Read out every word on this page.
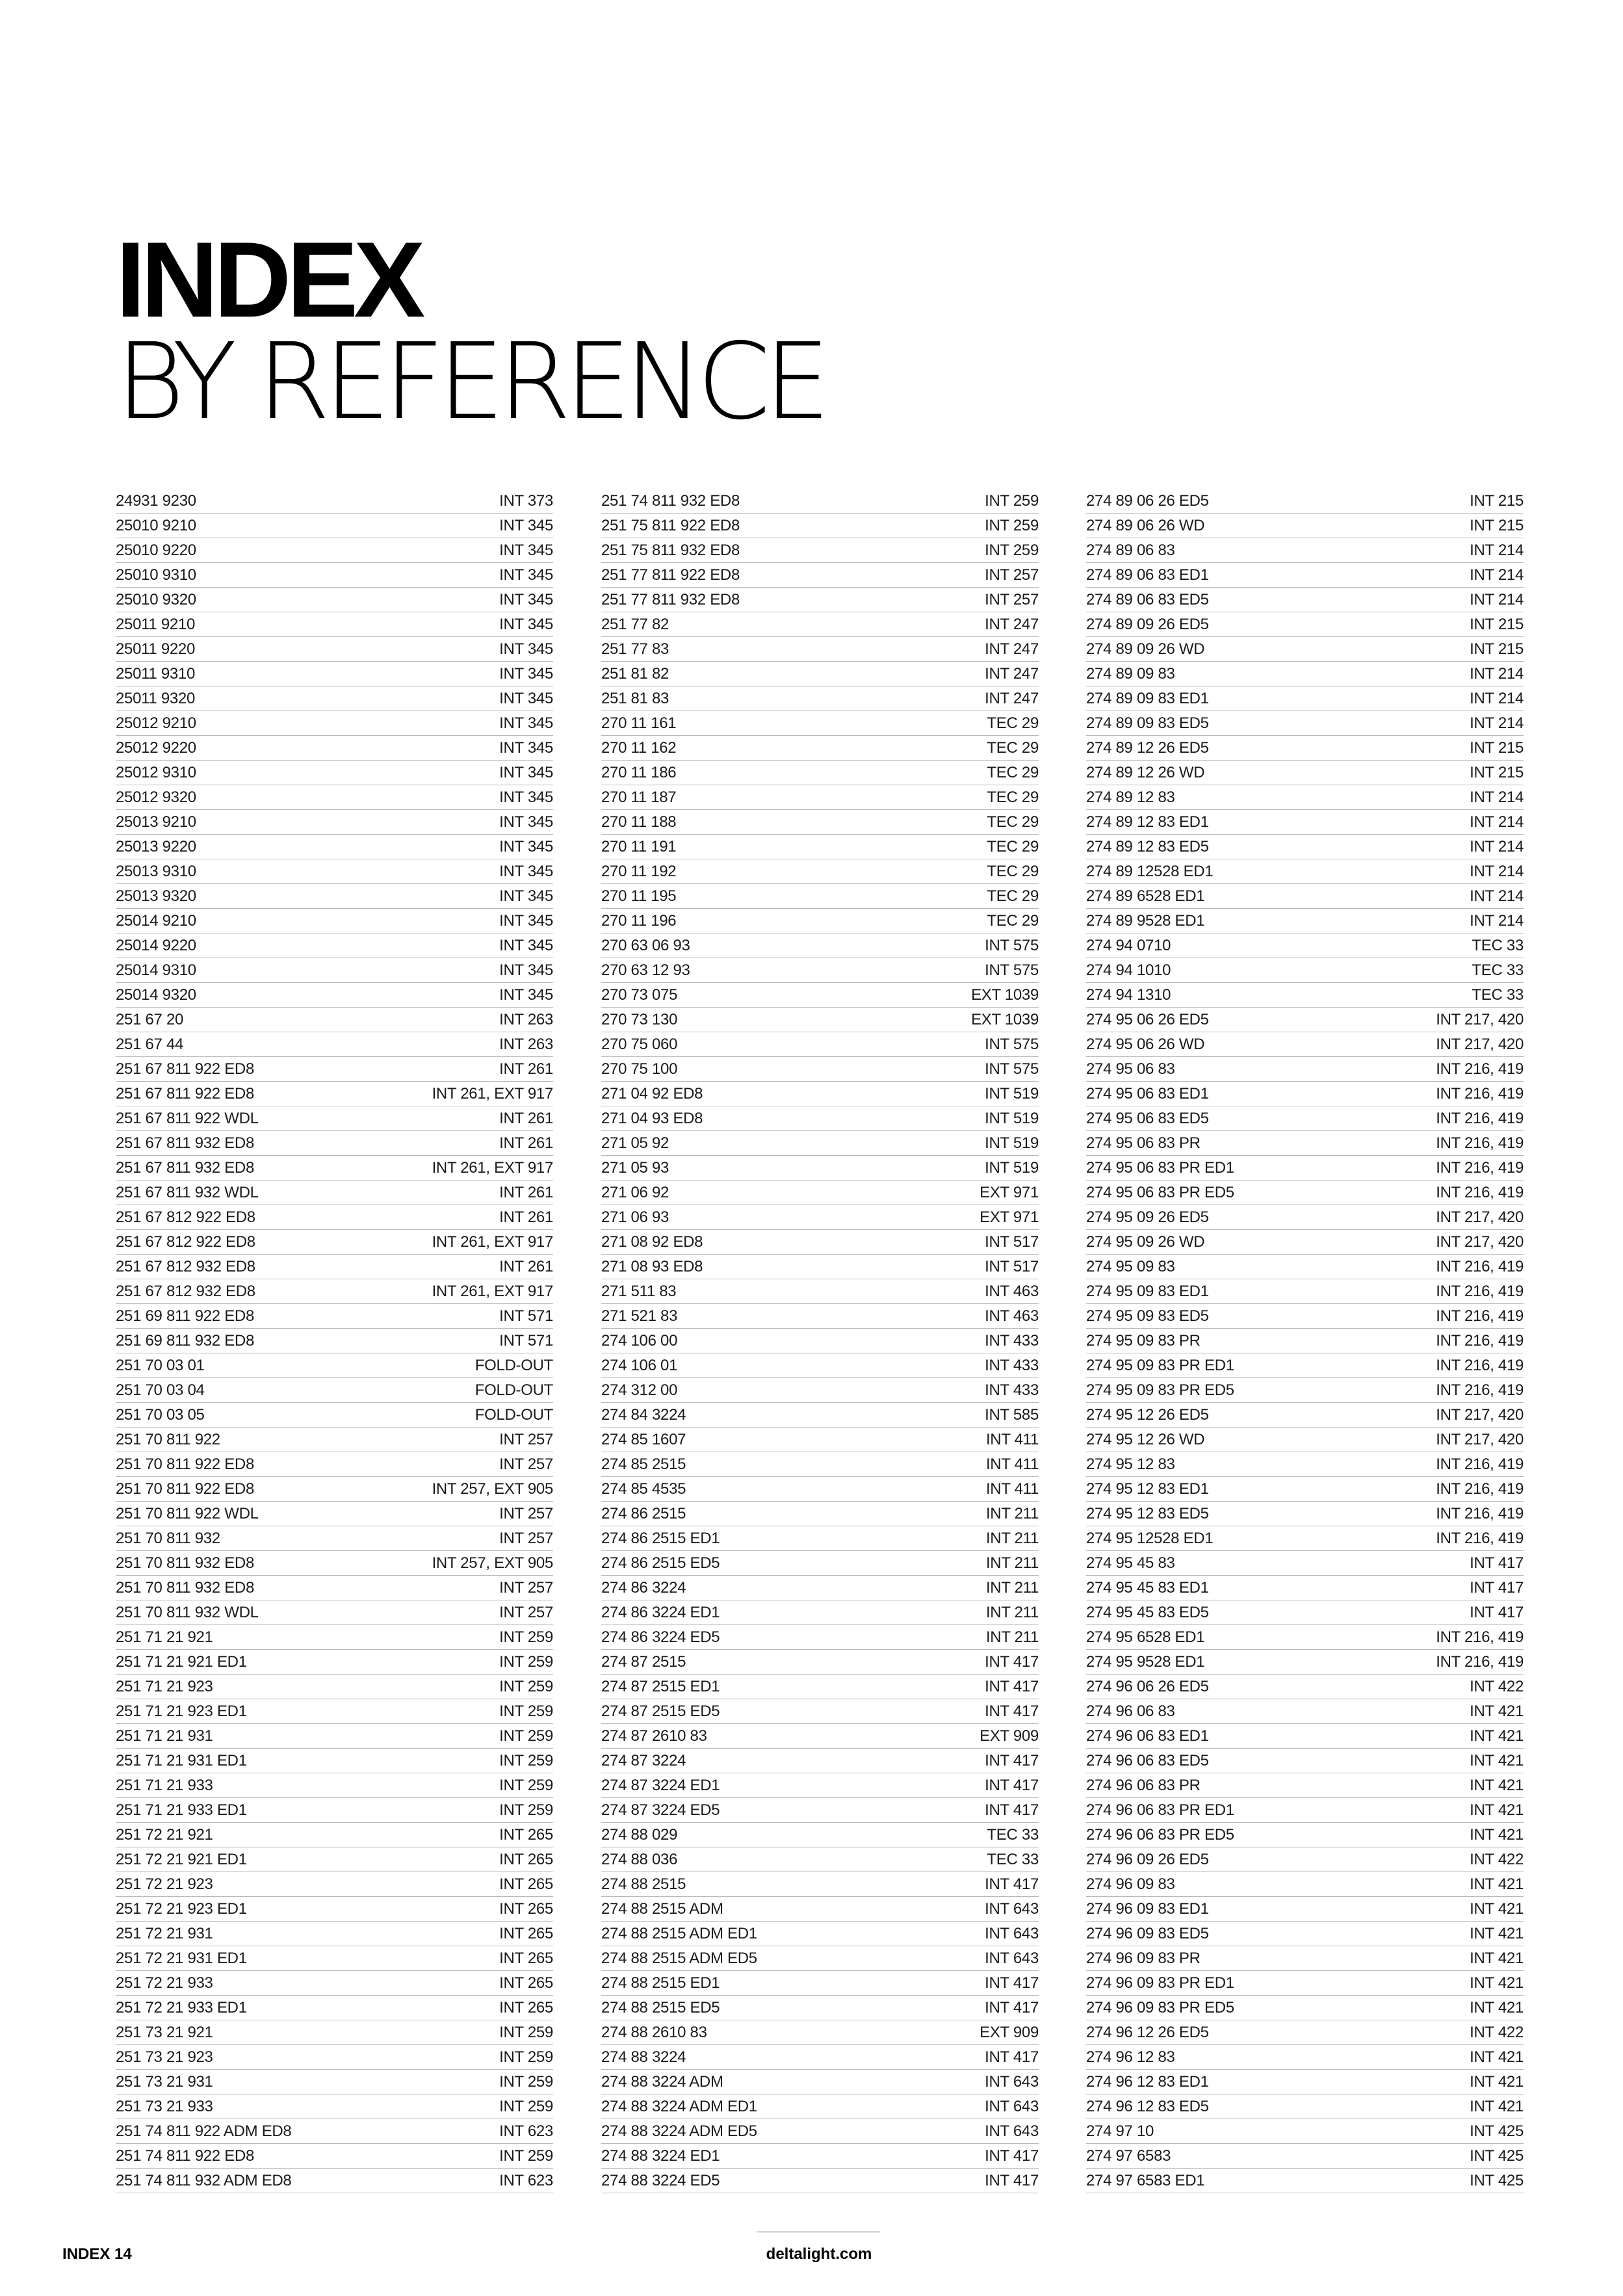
INDEX
BY REFERENCE
24931 9230	INT 373
25010 9210	INT 345
25010 9220	INT 345
25010 9310	INT 345
25010 9320	INT 345
25011 9210	INT 345
25011 9220	INT 345
25011 9310	INT 345
25011 9320	INT 345
25012 9210	INT 345
25012 9220	INT 345
25012 9310	INT 345
25012 9320	INT 345
25013 9210	INT 345
25013 9220	INT 345
25013 9310	INT 345
25013 9320	INT 345
25014 9210	INT 345
25014 9220	INT 345
25014 9310	INT 345
25014 9320	INT 345
251 67 20	INT 263
251 67 44	INT 263
251 67 811 922 ED8	INT 261
251 67 811 922 ED8	INT 261, EXT 917
251 67 811 922 WDL	INT 261
251 67 811 932 ED8	INT 261
251 67 811 932 ED8	INT 261, EXT 917
251 67 811 932 WDL	INT 261
251 67 812 922 ED8	INT 261
251 67 812 922 ED8	INT 261, EXT 917
251 67 812 932 ED8	INT 261
251 67 812 932 ED8	INT 261, EXT 917
251 69 811 922 ED8	INT 571
251 69 811 932 ED8	INT 571
251 70 03 01	FOLD-OUT
251 70 03 04	FOLD-OUT
251 70 03 05	FOLD-OUT
251 70 811 922	INT 257
251 70 811 922 ED8	INT 257
251 70 811 922 ED8	INT 257, EXT 905
251 70 811 922 WDL	INT 257
251 70 811 932	INT 257
251 70 811 932 ED8	INT 257, EXT 905
251 70 811 932 ED8	INT 257
251 70 811 932 WDL	INT 257
251 71 21 921	INT 259
251 71 21 921 ED1	INT 259
251 71 21 923	INT 259
251 71 21 923 ED1	INT 259
251 71 21 931	INT 259
251 71 21 931 ED1	INT 259
251 71 21 933	INT 259
251 71 21 933 ED1	INT 259
251 72 21 921	INT 265
251 72 21 921 ED1	INT 265
251 72 21 923	INT 265
251 72 21 923 ED1	INT 265
251 72 21 931	INT 265
251 72 21 931 ED1	INT 265
251 72 21 933	INT 265
251 72 21 933 ED1	INT 265
251 73 21 921	INT 259
251 73 21 923	INT 259
251 73 21 931	INT 259
251 73 21 933	INT 259
251 74 811 922 ADM ED8	INT 623
251 74 811 922 ED8	INT 259
251 74 811 932 ADM ED8	INT 623
251 74 811 932 ED8	INT 259
251 75 811 922 ED8	INT 259
251 75 811 932 ED8	INT 259
251 77 811 922 ED8	INT 257
251 77 811 932 ED8	INT 257
251 77 82	INT 247
251 77 83	INT 247
251 81 82	INT 247
251 81 83	INT 247
270 11 161	TEC 29
270 11 162	TEC 29
270 11 186	TEC 29
270 11 187	TEC 29
270 11 188	TEC 29
270 11 191	TEC 29
270 11 192	TEC 29
270 11 195	TEC 29
270 11 196	TEC 29
270 63 06 93	INT 575
270 63 12 93	INT 575
270 73 075	EXT 1039
270 73 130	EXT 1039
270 75 060	INT 575
270 75 100	INT 575
271 04 92 ED8	INT 519
271 04 93 ED8	INT 519
271 05 92	INT 519
271 05 93	INT 519
271 06 92	EXT 971
271 06 93	EXT 971
271 08 92 ED8	INT 517
271 08 93 ED8	INT 517
271 511 83	INT 463
271 521 83	INT 463
274 106 00	INT 433
274 106 01	INT 433
274 312 00	INT 433
274 84 3224	INT 585
274 85 1607	INT 411
274 85 2515	INT 411
274 85 4535	INT 411
274 86 2515	INT 211
274 86 2515 ED1	INT 211
274 86 2515 ED5	INT 211
274 86 3224	INT 211
274 86 3224 ED1	INT 211
274 86 3224 ED5	INT 211
274 87 2515	INT 417
274 87 2515 ED1	INT 417
274 87 2515 ED5	INT 417
274 87 2610 83	EXT 909
274 87 3224	INT 417
274 87 3224 ED1	INT 417
274 87 3224 ED5	INT 417
274 88 029	TEC 33
274 88 036	TEC 33
274 88 2515	INT 417
274 88 2515 ADM	INT 643
274 88 2515 ADM ED1	INT 643
274 88 2515 ADM ED5	INT 643
274 88 2515 ED1	INT 417
274 88 2515 ED5	INT 417
274 88 2610 83	EXT 909
274 88 3224	INT 417
274 88 3224 ADM	INT 643
274 88 3224 ADM ED1	INT 643
274 88 3224 ADM ED5	INT 643
274 88 3224 ED1	INT 417
274 88 3224 ED5	INT 417
274 89 06 26 ED5	INT 215
274 89 06 26 WD	INT 215
274 89 06 83	INT 214
274 89 06 83 ED1	INT 214
274 89 06 83 ED5	INT 214
274 89 09 26 ED5	INT 215
274 89 09 26 WD	INT 215
274 89 09 83	INT 214
274 89 09 83 ED1	INT 214
274 89 09 83 ED5	INT 214
274 89 12 26 ED5	INT 215
274 89 12 26 WD	INT 215
274 89 12 83	INT 214
274 89 12 83 ED1	INT 214
274 89 12 83 ED5	INT 214
274 89 12528 ED1	INT 214
274 89 6528 ED1	INT 214
274 89 9528 ED1	INT 214
274 94 0710	TEC 33
274 94 1010	TEC 33
274 94 1310	TEC 33
274 95 06 26 ED5	INT 217, 420
274 95 06 26 WD	INT 217, 420
274 95 06 83	INT 216, 419
274 95 06 83 ED1	INT 216, 419
274 95 06 83 ED5	INT 216, 419
274 95 06 83 PR	INT 216, 419
274 95 06 83 PR ED1	INT 216, 419
274 95 06 83 PR ED5	INT 216, 419
274 95 09 26 ED5	INT 217, 420
274 95 09 26 WD	INT 217, 420
274 95 09 83	INT 216, 419
274 95 09 83 ED1	INT 216, 419
274 95 09 83 ED5	INT 216, 419
274 95 09 83 PR	INT 216, 419
274 95 09 83 PR ED1	INT 216, 419
274 95 09 83 PR ED5	INT 216, 419
274 95 12 26 ED5	INT 217, 420
274 95 12 26 WD	INT 217, 420
274 95 12 83	INT 216, 419
274 95 12 83 ED1	INT 216, 419
274 95 12 83 ED5	INT 216, 419
274 95 12528 ED1	INT 216, 419
274 95 45 83	INT 417
274 95 45 83 ED1	INT 417
274 95 45 83 ED5	INT 417
274 95 6528 ED1	INT 216, 419
274 95 9528 ED1	INT 216, 419
274 96 06 26 ED5	INT 422
274 96 06 83	INT 421
274 96 06 83 ED1	INT 421
274 96 06 83 ED5	INT 421
274 96 06 83 PR	INT 421
274 96 06 83 PR ED1	INT 421
274 96 06 83 PR ED5	INT 421
274 96 09 26 ED5	INT 422
274 96 09 83	INT 421
274 96 09 83 ED1	INT 421
274 96 09 83 ED5	INT 421
274 96 09 83 PR	INT 421
274 96 09 83 PR ED1	INT 421
274 96 09 83 PR ED5	INT 421
274 96 12 26 ED5	INT 422
274 96 12 83	INT 421
274 96 12 83 ED1	INT 421
274 96 12 83 ED5	INT 421
274 97 10	INT 425
274 97 6583	INT 425
274 97 6583 ED1	INT 425
INDEX 14	deltalight.com
